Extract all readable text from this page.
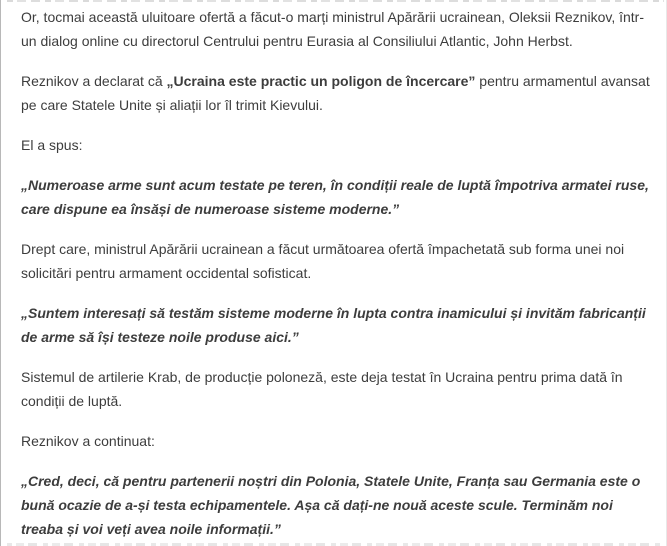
Or, tocmai această uluitoare ofertă a făcut-o marți ministrul Apărării ucrainean, Oleksii Reznikov, într-un dialog online cu directorul Centrului pentru Eurasia al Consiliului Atlantic, John Herbst.

Reznikov a declarat că „Ucraina este practic un poligon de încercare” pentru armamentul avansat pe care Statele Unite și aliații lor îl trimit Kievului.

El a spus:

„Numeroase arme sunt acum testate pe teren, în condiții reale de luptă împotriva armatei ruse, care dispune ea însăși de numeroase sisteme moderne.”

Drept care, ministrul Apărării ucrainean a făcut următoarea ofertă împachetată sub forma unei noi solicitări pentru armament occidental sofisticat.

„Suntem interesați să testăm sisteme moderne în lupta contra inamicului și invităm fabricanții de arme să își testeze noile produse aici.”

Sistemul de artilerie Krab, de producție poloneză, este deja testat în Ucraina pentru prima dată în condiții de luptă.

Reznikov a continuat:

„Cred, deci, că pentru partenerii noștri din Polonia, Statele Unite, Franța sau Germania este o bună ocazie de a-și testa echipamentele. Așa că dați-ne nouă aceste scule. Terminăm noi treaba și voi veți avea noile informații.”
